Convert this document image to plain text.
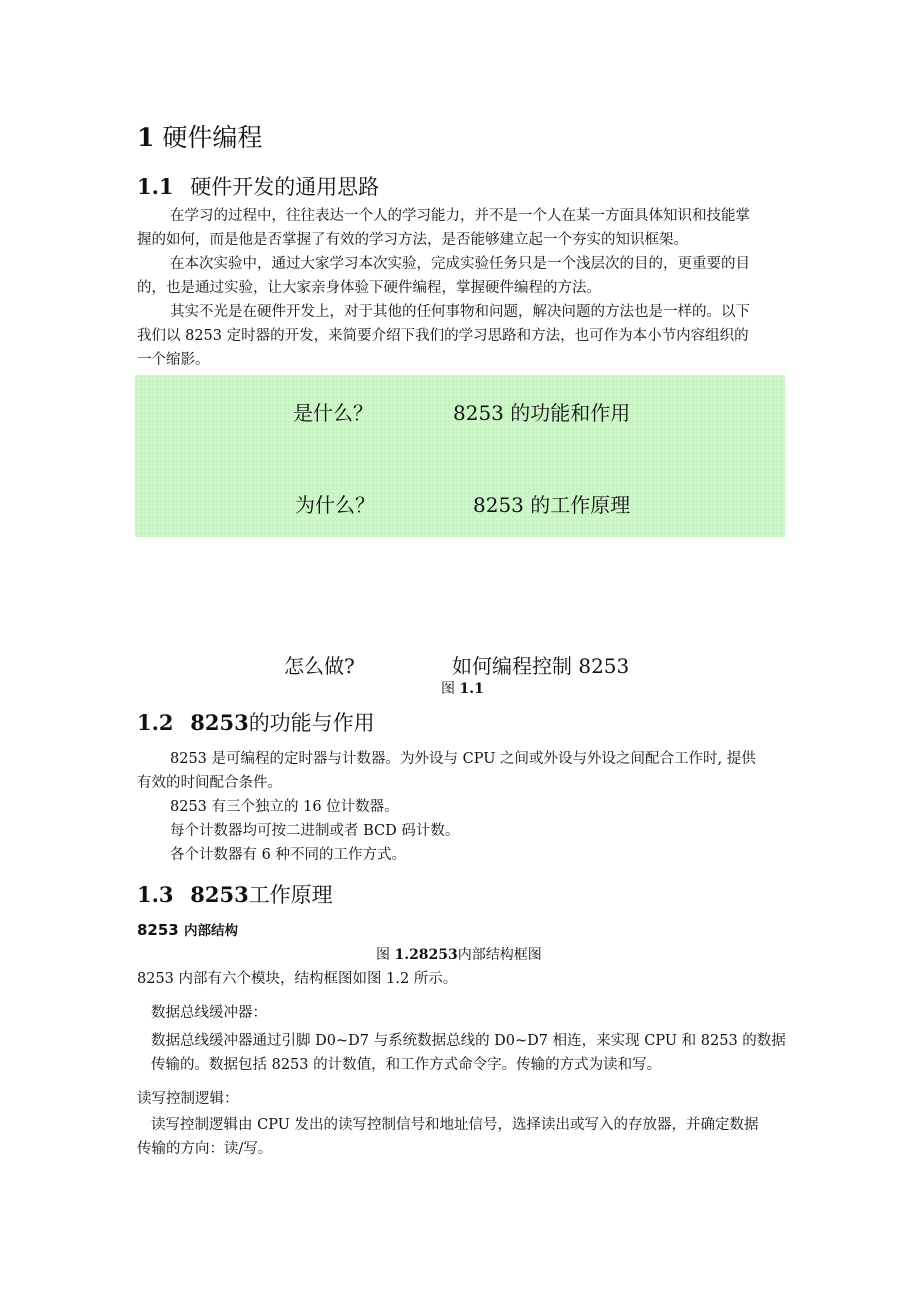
1 硬件编程
1.1 硬件开发的通用思路
在学习的过程中，往往表达一个人的学习能力，并不是一个人在某一方面具体知识和技能掌
握的如何，而是他是否掌握了有效的学习方法，是否能够建立起一个夯实的知识框架。
在本次实验中，通过大家学习本次实验，完成实验任务只是一个浅层次的目的，更重要的目
的，也是通过实验，让大家亲身体验下硬件编程，掌握硬件编程的方法。
其实不光是在硬件开发上，对于其他的任何事物和问题，解决问题的方法也是一样的。以下
我们以 8253 定时器的开发，来简要介绍下我们的学习思路和方法，也可作为本小节内容组织的
一个缩影。
是什么？	8253 的功能和作用
为什么？	8253 的工作原理
怎么做?	如何编程控制 8253
图 1.1
1.2 8253的功能与作用
8253 是可编程的定时器与计数器。为外设与 CPU 之间或外设与外设之间配合工作时, 提供
有效的时间配合条件。
8253 有三个独立的 16 位计数器。
每个计数器均可按二进制或者 BCD 码计数。
各个计数器有 6 种不同的工作方式。
1.3 8253工作原理
8253 内部结构
图 1.28253内部结构框图
8253 内部有六个模块，结构框图如图 1.2 所示。
数据总线缓冲器：
数据总线缓冲器通过引脚 D0~D7 与系统数据总线的 D0~D7 相连，来实现 CPU 和 8253 的数据
传输的。数据包括 8253 的计数值，和工作方式命令字。传输的方式为读和写。
读写控制逻辑：
读写控制逻辑由 CPU 发出的读写控制信号和地址信号，选择读出或写入的存放器，并确定数据
传输的方向：读/写。
